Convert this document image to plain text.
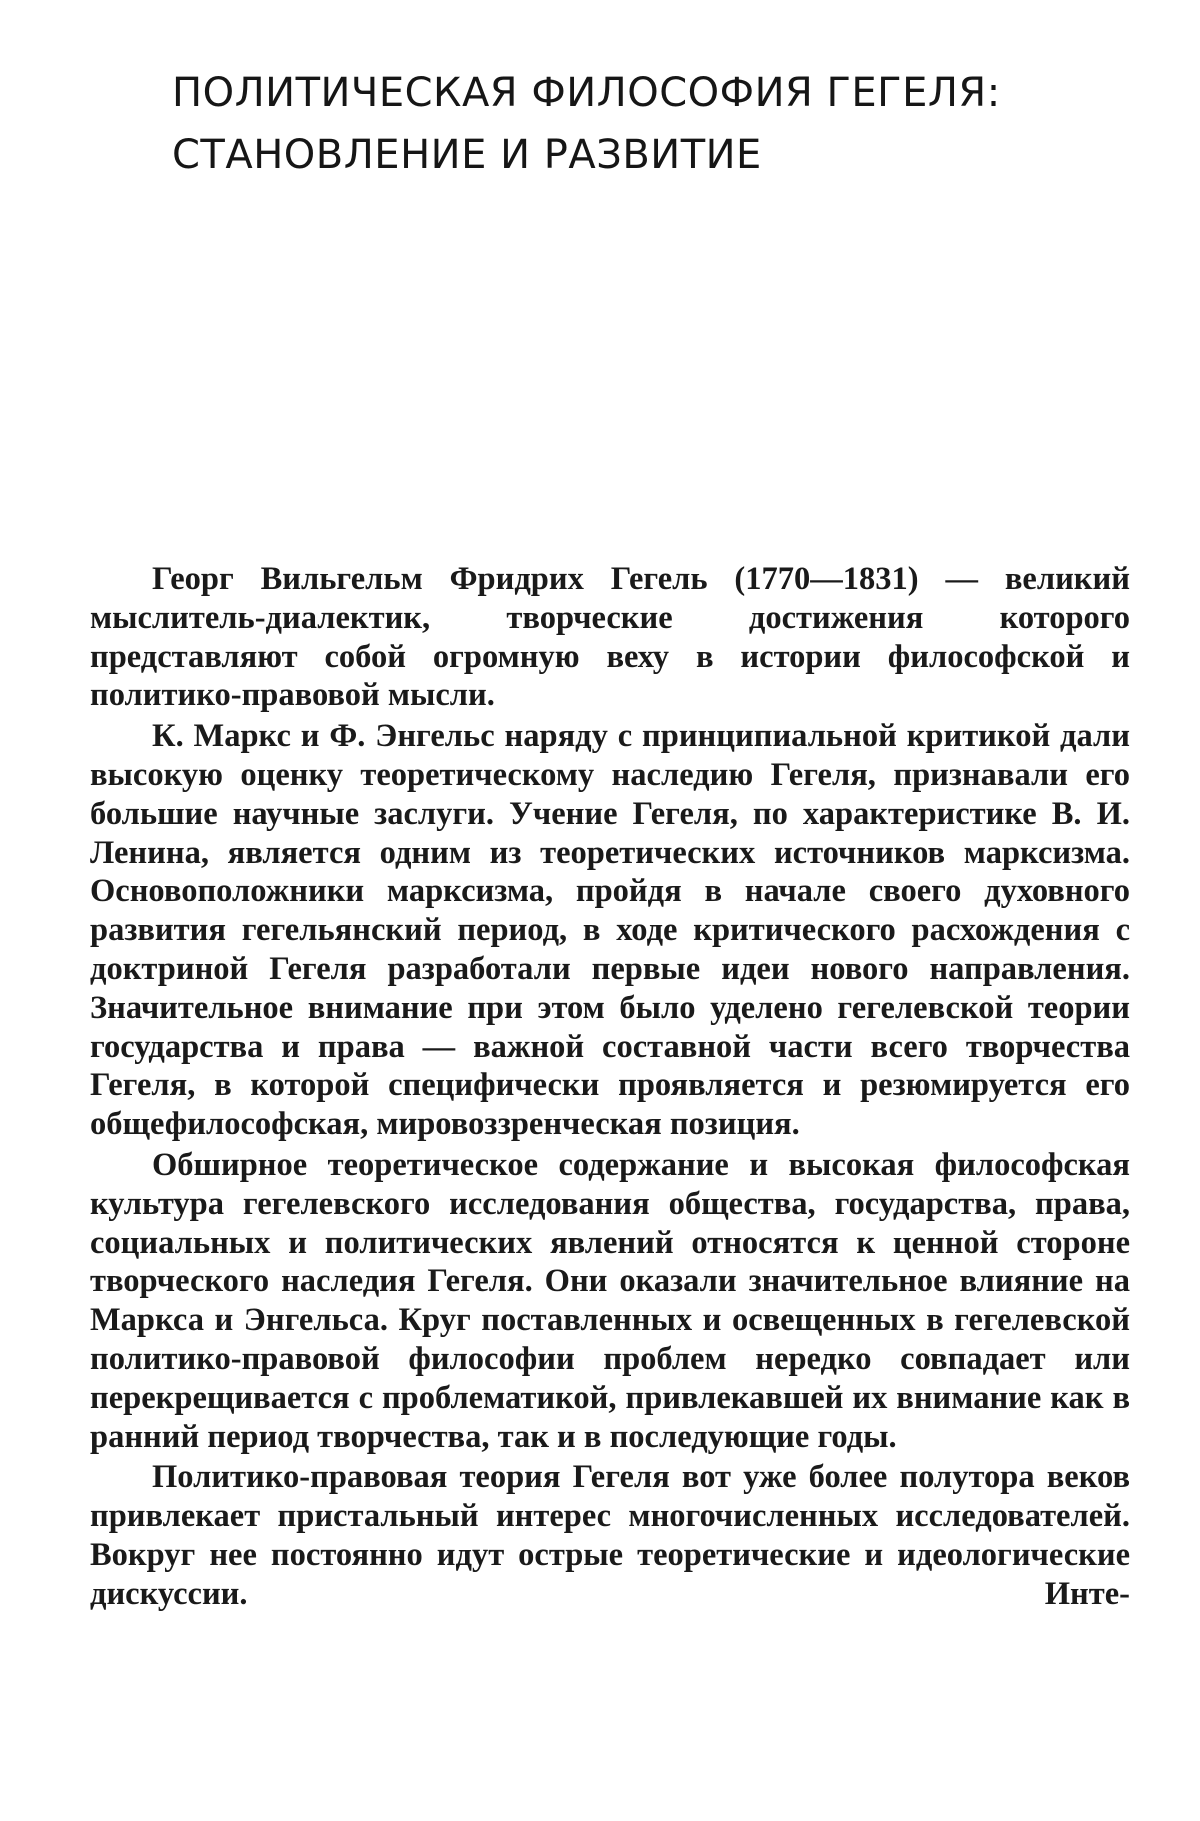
ПОЛИТИЧЕСКАЯ ФИЛОСОФИЯ ГЕГЕЛЯ:
СТАНОВЛЕНИЕ И РАЗВИТИЕ

Георг Вильгельм Фридрих Гегель (1770—1831) — великий мыслитель-диалектик, творческие достижения которого представляют собой огромную веху в истории философской и политико-правовой мысли.

К. Маркс и Ф. Энгельс наряду с принципиальной критикой дали высокую оценку теоретическому наследию Гегеля, признавали его большие научные заслуги. Учение Гегеля, по характеристике В. И. Ленина, является одним из теоретических источников марксизма. Основоположники марксизма, пройдя в начале своего духовного развития гегельянский период, в ходе критического расхождения с доктриной Гегеля разработали первые идеи нового направления. Значительное внимание при этом было уделено гегелевской теории государства и права — важной составной части всего творчества Гегеля, в которой специфически проявляется и резюмируется его общефилософская, мировоззренческая позиция.

Обширное теоретическое содержание и высокая философская культура гегелевского исследования общества, государства, права, социальных и политических явлений относятся к ценной стороне творческого наследия Гегеля. Они оказали значительное влияние на Маркса и Энгельса. Круг поставленных и освещенных в гегелевской политико-правовой философии проблем нередко совпадает или перекрещивается с проблематикой, привлекавшей их внимание как в ранний период творчества, так и в последующие годы.

Политико-правовая теория Гегеля вот уже более полутора веков привлекает пристальный интерес многочисленных исследователей. Вокруг нее постоянно идут острые теоретические и идеологические дискуссии. Инте-
